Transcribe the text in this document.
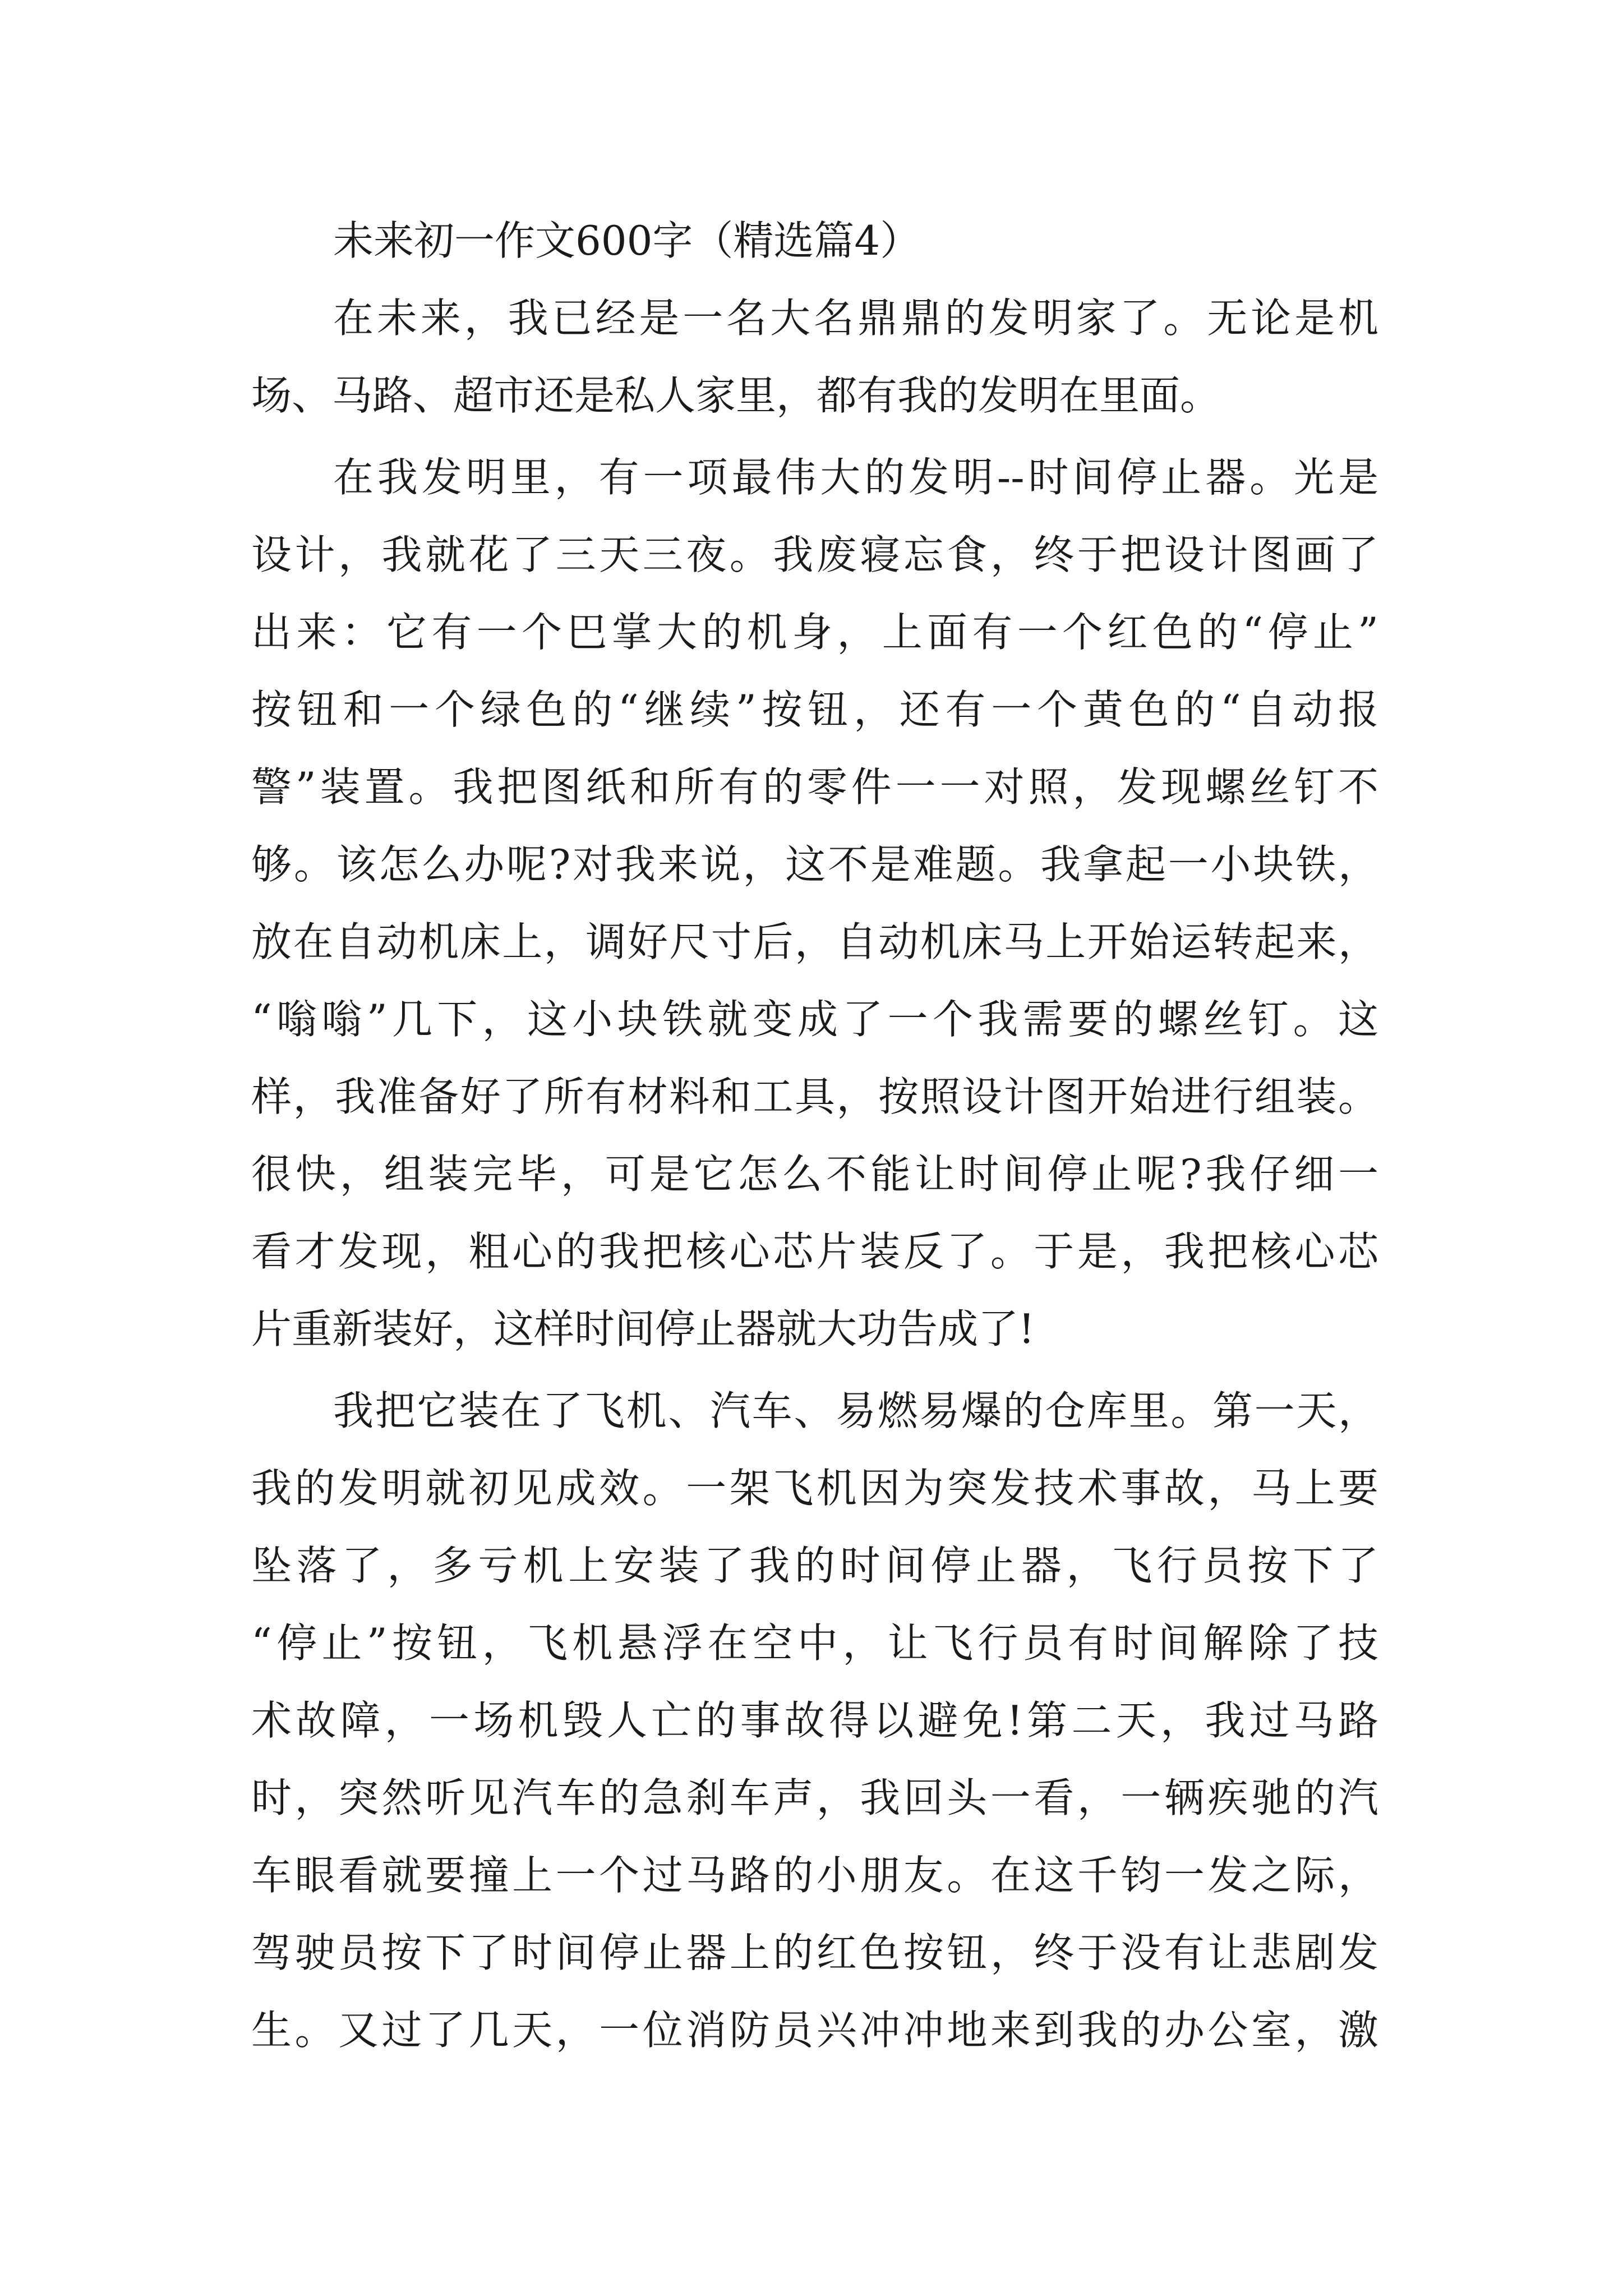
未来初一作文600字（精选篇4）
在未来，我已经是一名大名鼎鼎的发明家了。无论是机
场、马路、超市还是私人家里，都有我的发明在里面。
在我发明里，有一项最伟大的发明--时间停止器。光是
设计，我就花了三天三夜。我废寝忘食，终于把设计图画了
出来：它有一个巴掌大的机身，上面有一个红色的“停止”
按钮和一个绿色的“继续”按钮，还有一个黄色的“自动报
警”装置。我把图纸和所有的零件一一对照，发现螺丝钉不
够。该怎么办呢?对我来说，这不是难题。我拿起一小块铁，
放在自动机床上，调好尺寸后，自动机床马上开始运转起来，
“嗡嗡”几下，这小块铁就变成了一个我需要的螺丝钉。这
样，我准备好了所有材料和工具，按照设计图开始进行组装。
很快，组装完毕，可是它怎么不能让时间停止呢?我仔细一
看才发现，粗心的我把核心芯片装反了。于是，我把核心芯
片重新装好，这样时间停止器就大功告成了!
我把它装在了飞机、汽车、易燃易爆的仓库里。第一天，
我的发明就初见成效。一架飞机因为突发技术事故，马上要
坠落了，多亏机上安装了我的时间停止器，飞行员按下了
“停止”按钮，飞机悬浮在空中，让飞行员有时间解除了技
术故障，一场机毁人亡的事故得以避免!第二天，我过马路
时，突然听见汽车的急刹车声，我回头一看，一辆疾驰的汽
车眼看就要撞上一个过马路的小朋友。在这千钧一发之际，
驾驶员按下了时间停止器上的红色按钮，终于没有让悲剧发
生。又过了几天，一位消防员兴冲冲地来到我的办公室，激
